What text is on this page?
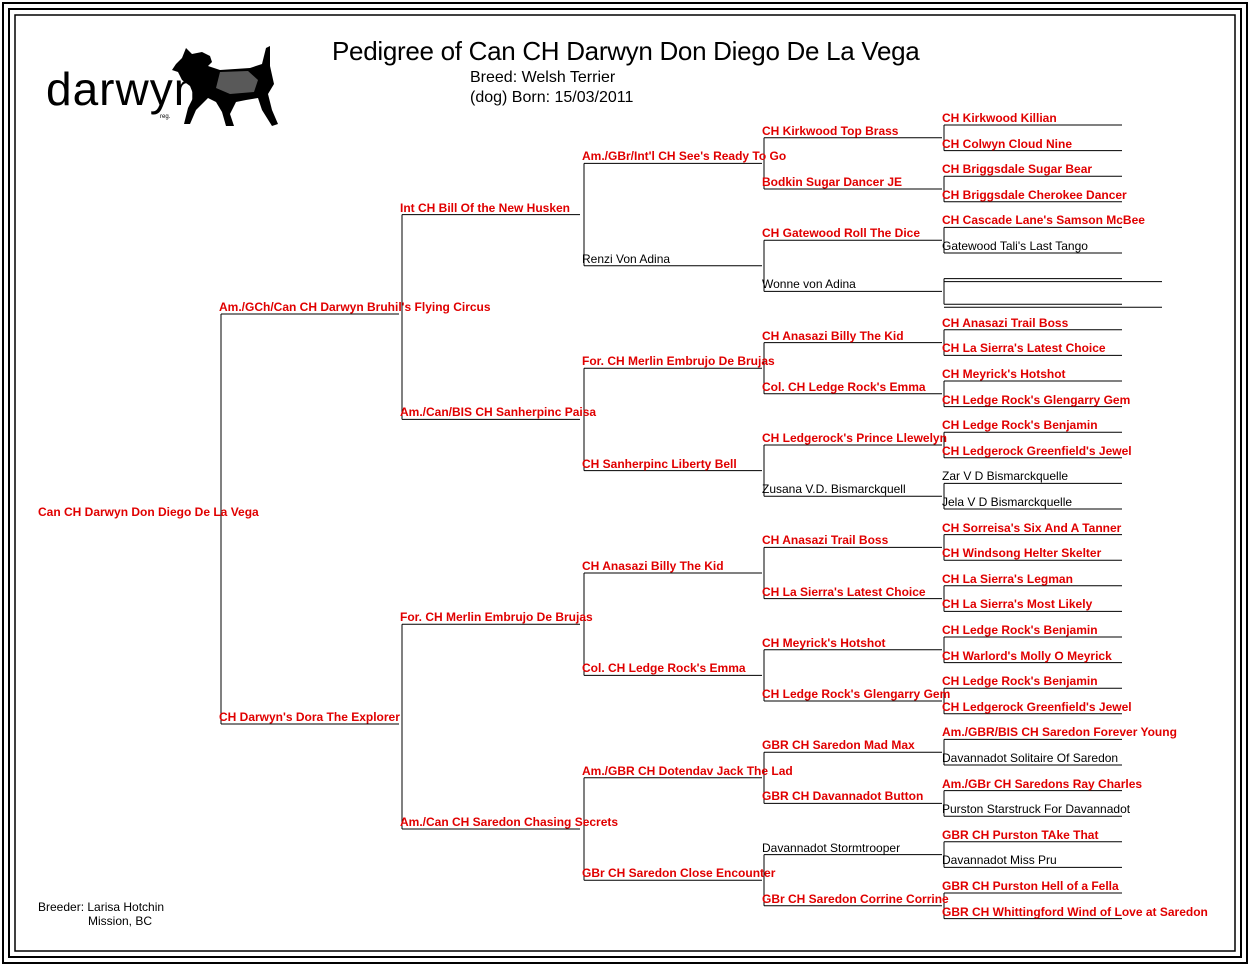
darwyn
reg.
Pedigree of Can CH Darwyn Don Diego De La Vega
Breed: Welsh Terrier
(dog) Born: 15/03/2011
Can CH Darwyn Don Diego De La Vega
Am./GCh/Can CH Darwyn Bruhil's Flying Circus
CH Darwyn's Dora The Explorer
Int CH Bill Of the New Husken
Am./Can/BIS CH Sanherpinc Paisa
For. CH Merlin Embrujo De Brujas
Am./Can CH Saredon Chasing Secrets
Am./GBr/Int'l CH See's Ready To Go
Renzi Von Adina
For. CH Merlin Embrujo De Brujas
CH Sanherpinc Liberty Bell
CH Anasazi Billy The Kid
Col. CH Ledge Rock's Emma
Am./GBR CH Dotendav Jack The Lad
GBr CH Saredon Close Encounter
CH Kirkwood Top Brass
Bodkin Sugar Dancer JE
CH Gatewood Roll The Dice
Wonne von Adina
CH Anasazi Billy The Kid
Col. CH Ledge Rock's Emma
CH Ledgerock's Prince Llewelyn
Zusana V.D. Bismarckquell
CH Anasazi Trail Boss
CH La Sierra's Latest Choice
CH Meyrick's Hotshot
CH Ledge Rock's Glengarry Gem
GBR CH Saredon Mad Max
GBR CH Davannadot Button
Davannadot Stormtrooper
GBr CH Saredon Corrine Corrine
CH Kirkwood Killian
CH Colwyn Cloud Nine
CH Briggsdale Sugar Bear
CH Briggsdale Cherokee Dancer
CH Cascade Lane's Samson McBee
Gatewood Tali's Last Tango
CH Anasazi Trail Boss
CH La Sierra's Latest Choice
CH Meyrick's Hotshot
CH Ledge Rock's Glengarry Gem
CH Ledge Rock's Benjamin
CH Ledgerock Greenfield's Jewel
Zar V D Bismarckquelle
Jela V D Bismarckquelle
CH Sorreisa's Six And A Tanner
CH Windsong Helter Skelter
CH La Sierra's Legman
CH La Sierra's Most Likely
CH Ledge Rock's Benjamin
CH Warlord's Molly O Meyrick
CH Ledge Rock's Benjamin
CH Ledgerock Greenfield's Jewel
Am./GBR/BIS CH Saredon Forever Young
Davannadot Solitaire Of Saredon
Am./GBr CH Saredons Ray Charles
Purston Starstruck For Davannadot
GBR CH Purston TAke That
Davannadot Miss Pru
GBR CH Purston Hell of a Fella
GBR CH Whittingford Wind of Love at Saredon
Breeder: Larisa Hotchin
Mission, BC
